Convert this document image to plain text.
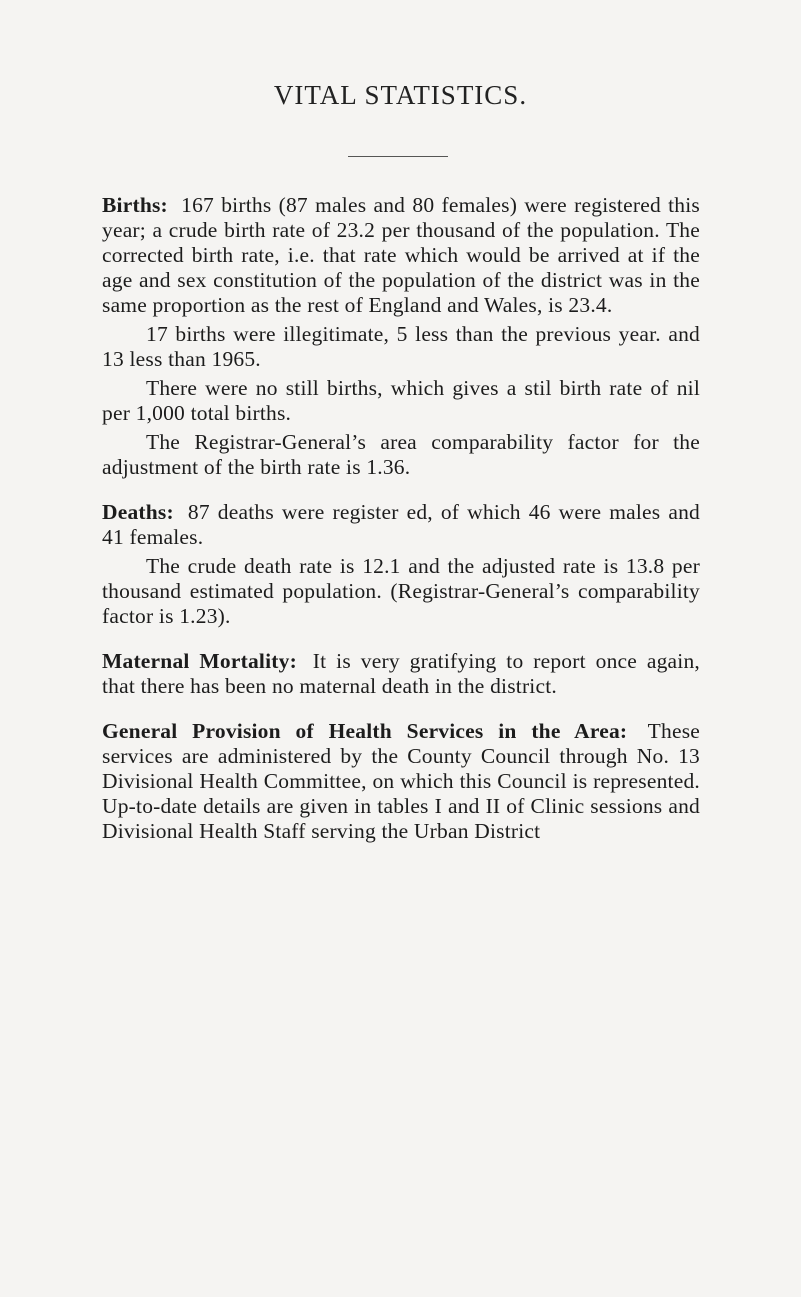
VITAL STATISTICS.

Births: 167 births (87 males and 80 females) were registered this year; a crude birth rate of 23.2 per thousand of the population. The corrected birth rate, i.e. that rate which would be arrived at if the age and sex constitution of the population of the district was in the same proportion as the rest of England and Wales, is 23.4.

17 births were illegitimate, 5 less than the previous year. and 13 less than 1965.

There were no still births, which gives a stil birth rate of nil per 1,000 total births.

The Registrar-General’s area comparability factor for the adjustment of the birth rate is 1.36.

Deaths: 87 deaths were register ed, of which 46 were males and 41 females.

The crude death rate is 12.1 and the adjusted rate is 13.8 per thousand estimated population. (Registrar-General’s comparability factor is 1.23).

Maternal Mortality: It is very gratifying to report once again, that there has been no maternal death in the district.

General Provision of Health Services in the Area: These services are administered by the County Council through No. 13 Divisional Health Committee, on which this Council is represented. Up-to-date details are given in tables I and II of Clinic sessions and Divisional Health Staff serving the Urban District
